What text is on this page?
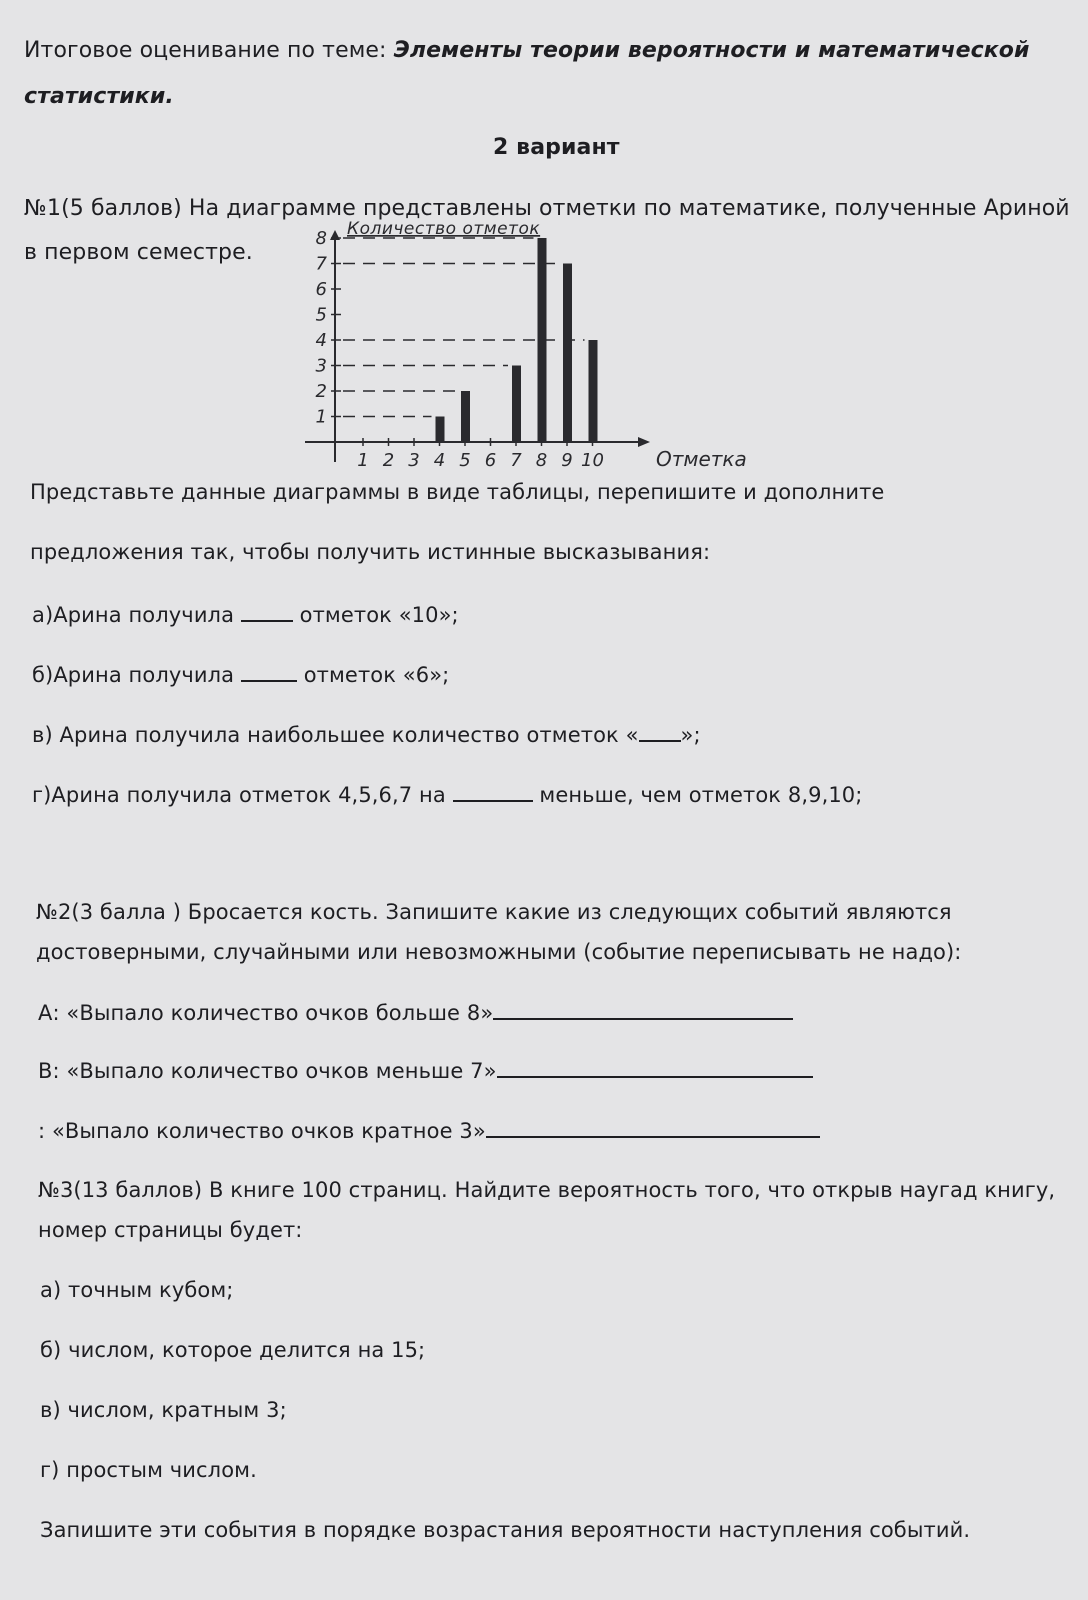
Итоговое оценивание по теме: Элементы теории вероятности и математической
статистики.
2 вариант
№1(5 баллов) На диаграмме представлены отметки по математике, полученные Ариной
в первом семестре.
1
2
3
4
5
6
7
8
1 2 3 4 5 6 7 8 9 10
Количество отметок
Отметка
Представьте данные диаграммы в виде таблицы, перепишите и дополните
предложения так, чтобы получить истинные высказывания:
а)Арина получила  отметок «10»;
б)Арина получила	отметок «6»;
в) Арина получила наибольшее количество отметок « »;
г)Арина получила отметок 4,5,6,7 на	меньше, чем отметок 8,9,10;
№2(3 балла ) Бросается кость. Запишите какие из следующих событий являются
достоверными, случайными или невозможными (событие переписывать не надо):
А: «Выпало количество очков больше 8»
В: «Выпало количество очков меньше 7»
: «Выпало количество очков кратное 3»
№3(13 баллов) В книге 100 страниц. Найдите вероятность того, что открыв наугад книгу,
номер страницы будет:
а) точным кубом;
б) числом, которое делится на 15;
в) числом, кратным 3;
г) простым числом.
Запишите эти события в порядке возрастания вероятности наступления событий.
